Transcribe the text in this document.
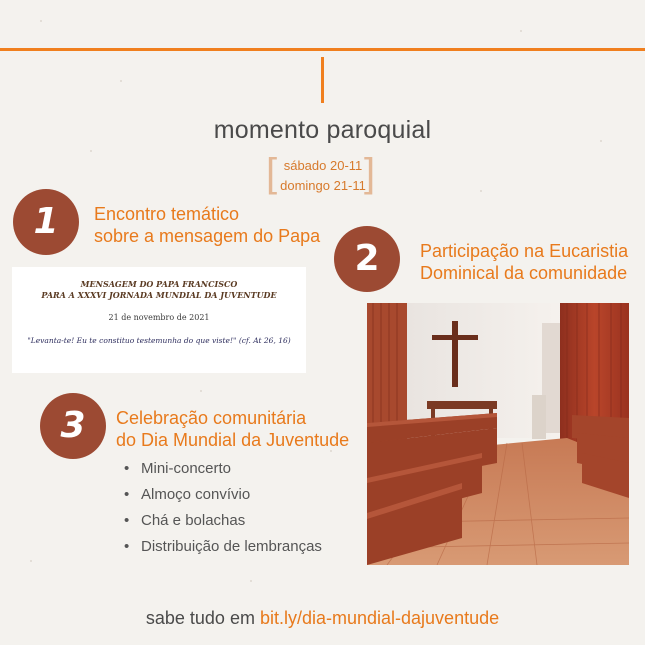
momento paroquial
[ sábado 20-11
domingo 21-11
]
1	Encontro temático
sobre a mensagem do Papa
MENSAGEM DO PAPA FRANCISCO
PARA A XXXVI JORNADA MUNDIAL DA JUVENTUDE
21 de novembro de 2021
"Levanta-te! Eu te constituo testemunha do que viste!" (cf. At 26, 16)
2	Participação na Eucaristia
Dominical da comunidade
3	Celebração comunitária
do Dia Mundial da Juventude
• Mini-concerto
• Almoço convívio
• Chá e bolachas
• Distribuição de lembranças
sabe tudo em bit.ly/dia-mundial-dajuventude
